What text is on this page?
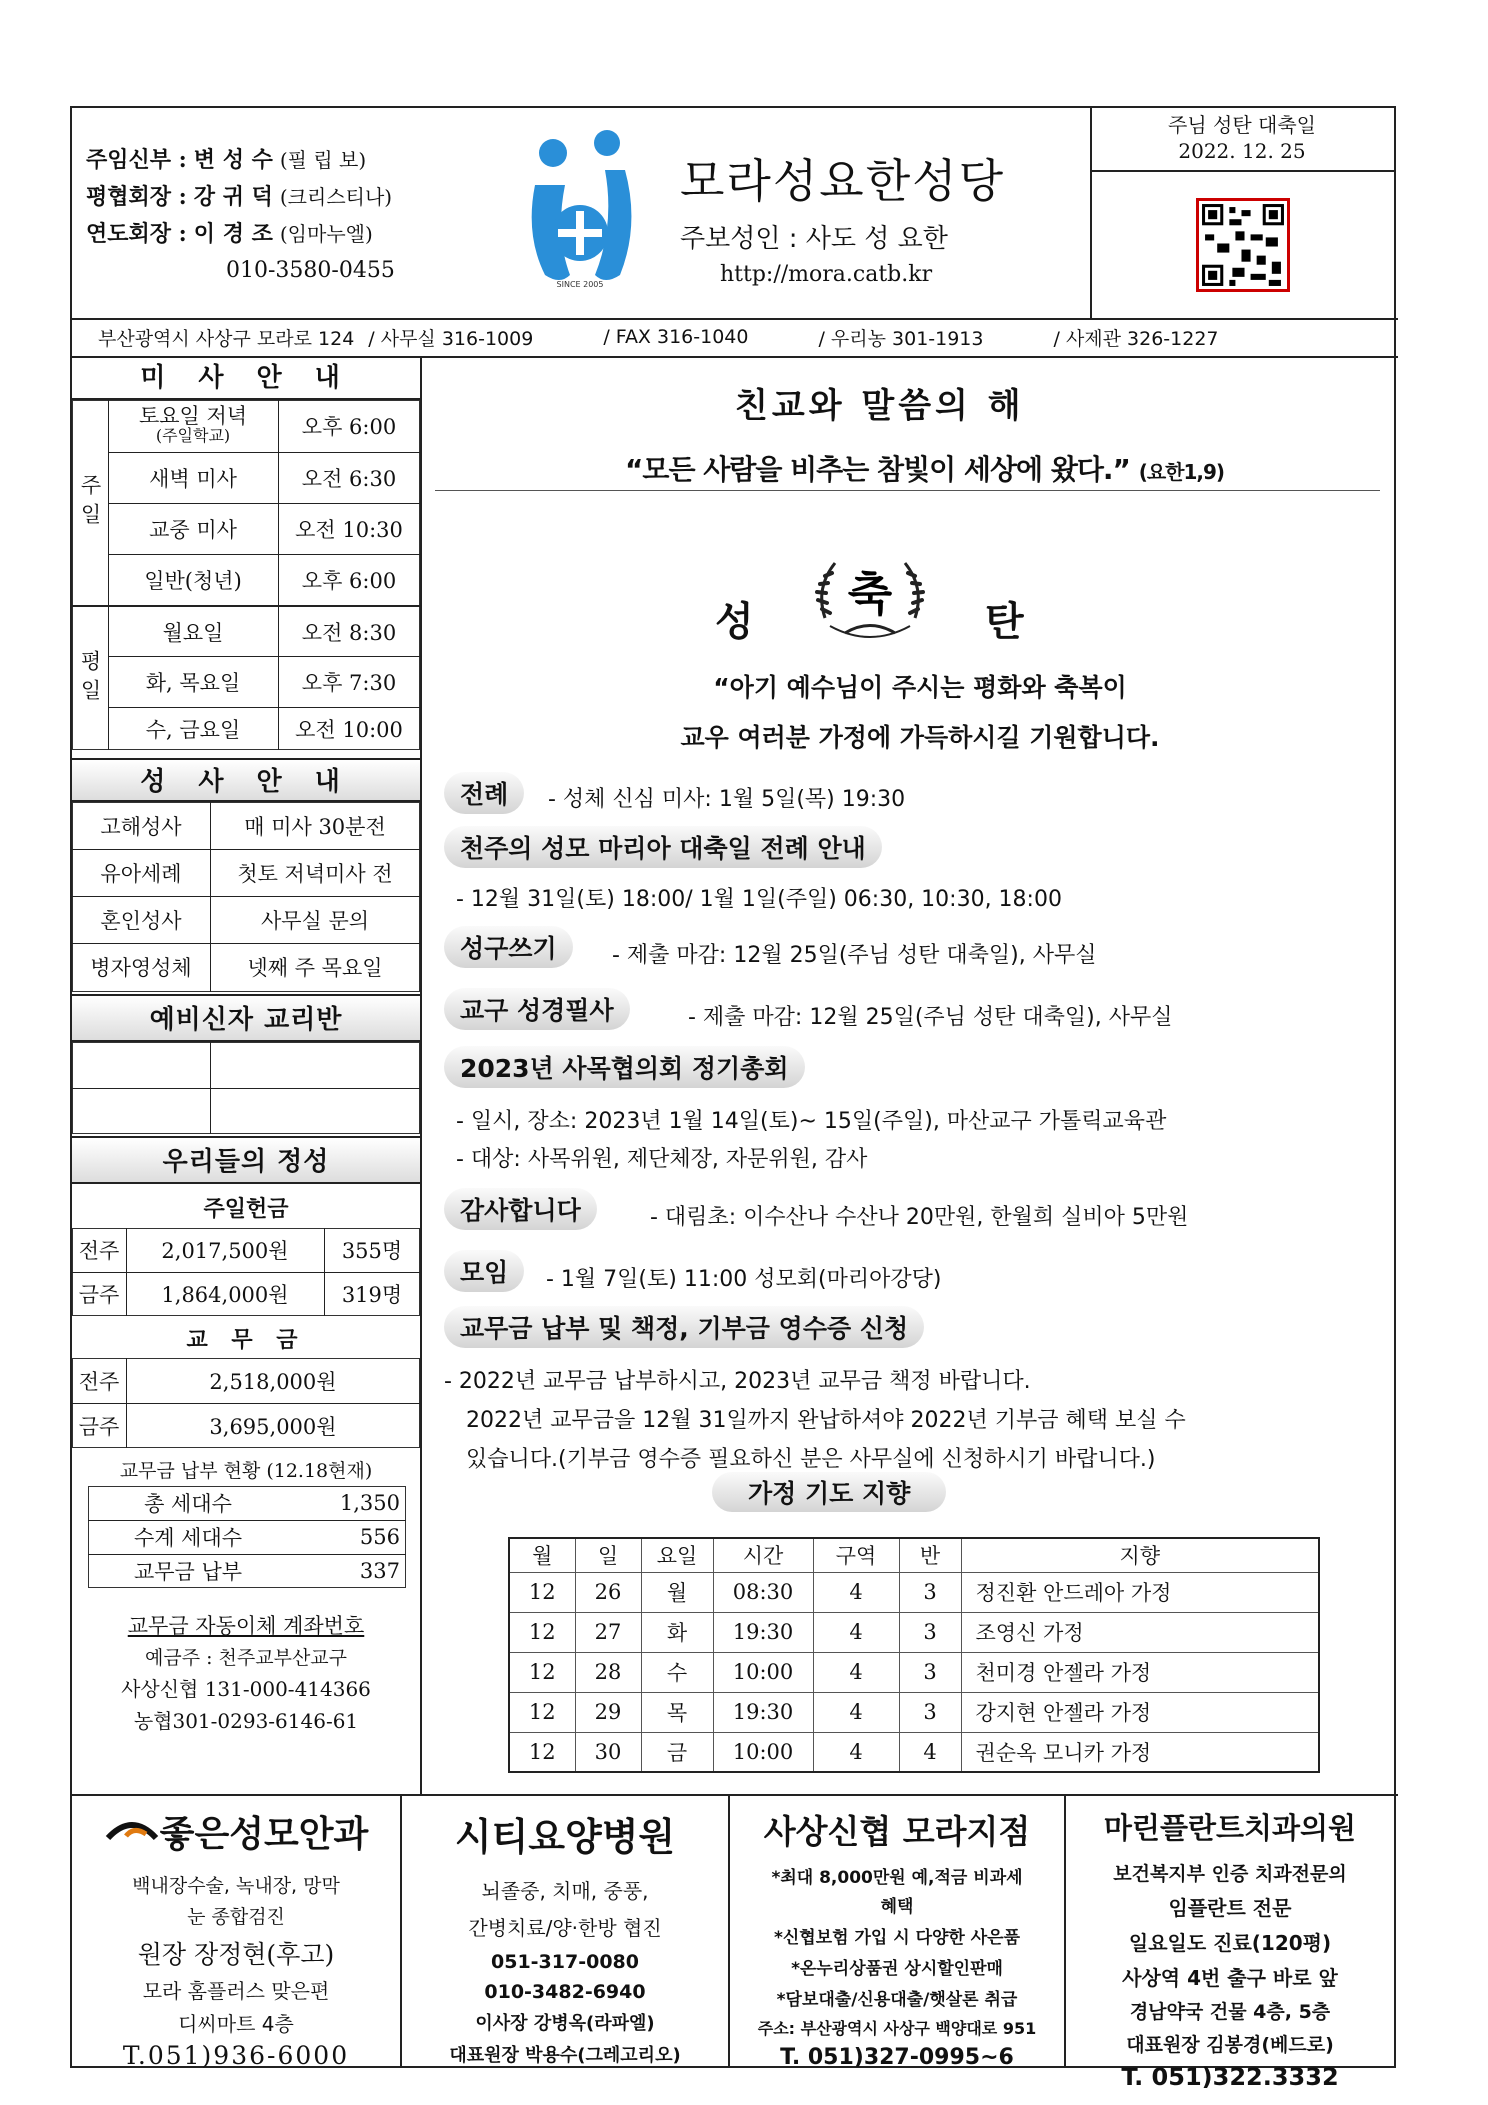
주임신부 : 변 성 수 (필 립 보)
평협회장 : 강 귀 덕 (크리스티나)
연도회장 : 이 경 조 (임마누엘)
010-3580-0455
SINCE 2005
모라성요한성당
주보성인 : 사도 성 요한
http://mora.catb.kr
주님 성탄 대축일
2022. 12. 25
부산광역시 사상구 모라로 124 / 사무실 316-1009	/ FAX 316-1040	/ 우리농 301-1913	/ 사제관 326-1227
미 사 안 내
주일
토요일 저녁
(주일학교)	오후 6:00
새벽 미사	오전 6:30
교중 미사	오전 10:30
일반(청년)	오후 6:00
평일
월요일	오전 8:30
화, 목요일	오후 7:30
수, 금요일	오전 10:00
성 사 안 내
고해성사	매 미사 30분전
유아세례	첫토 저녁미사 전
혼인성사	사무실 문의
병자영성체	넷째 주 목요일
예비신자 교리반
우리들의 정성
주일헌금
전주	2,017,500원	355명
금주	1,864,000원	319명
교 무 금
전주	2,518,000원
금주	3,695,000원
교무금 납부 현황 (12.18현재)
총 세대수	1,350
수계 세대수	556
교무금 납부	337
교무금 자동이체 계좌번호
예금주 : 천주교부산교구
사상신협 131-000-414366
농협301-0293-6146-61
친교와 말씀의 해
“모든 사람을 비추는 참빛이 세상에 왔다.” (요한1,9)
성
축
탄
“아기 예수님이 주시는 평화와 축복이
교우 여러분 가정에 가득하시길 기원합니다.
전례	- 성체 신심 미사: 1월 5일(목) 19:30
천주의 성모 마리아 대축일 전례 안내
- 12월 31일(토) 18:00/ 1월 1일(주일) 06:30, 10:30, 18:00
성구쓰기	- 제출 마감: 12월 25일(주님 성탄 대축일), 사무실
교구 성경필사	- 제출 마감: 12월 25일(주님 성탄 대축일), 사무실
2023년 사목협의회 정기총회
- 일시, 장소: 2023년 1월 14일(토)~ 15일(주일), 마산교구 가톨릭교육관
- 대상: 사목위원, 제단체장, 자문위원, 감사
감사합니다	- 대림초: 이수산나 수산나 20만원, 한월희 실비아 5만원
모임	- 1월 7일(토) 11:00 성모회(마리아강당)
교무금 납부 및 책정, 기부금 영수증 신청
- 2022년 교무금 납부하시고, 2023년 교무금 책정 바랍니다.
2022년 교무금을 12월 31일까지 완납하셔야 2022년 기부금 혜택 보실 수
있습니다.(기부금 영수증 필요하신 분은 사무실에 신청하시기 바랍니다.)
가정 기도 지향
월	일	요일	시간	구역	반	지향
12	26	월	08:30	4	3	정진환 안드레아 가정
12	27	화	19:30	4	3	조영신 가정
12	28	수	10:00	4	3	천미경 안젤라 가정
12	29	목	19:30	4	3	강지현 안젤라 가정
12	30	금	10:00	4	4	권순옥 모니카 가정
좋은성모안과
백내장수술, 녹내장, 망막
눈 종합검진
원장 장정현(후고)
모라 홈플러스 맞은편
디씨마트 4층
T.051)936-6000
시티요양병원
뇌졸중, 치매, 중풍,
간병치료/양·한방 협진
051-317-0080
010-3482-6940
이사장 강병옥(라파엘)
대표원장 박용수(그레고리오)
사상신협 모라지점
*최대 8,000만원 예,적금 비과세
혜택
*신협보험 가입 시 다양한 사은품
*온누리상품권 상시할인판매
*담보대출/신용대출/햇살론 취급
주소: 부산광역시 사상구 백양대로 951
T. 051)327-0995~6
마린플란트치과의원
보건복지부 인증 치과전문의
임플란트 전문
일요일도 진료(120평)
사상역 4번 출구 바로 앞
경남약국 건물 4층, 5층
대표원장 김봉경(베드로)
T. 051)322.3332
